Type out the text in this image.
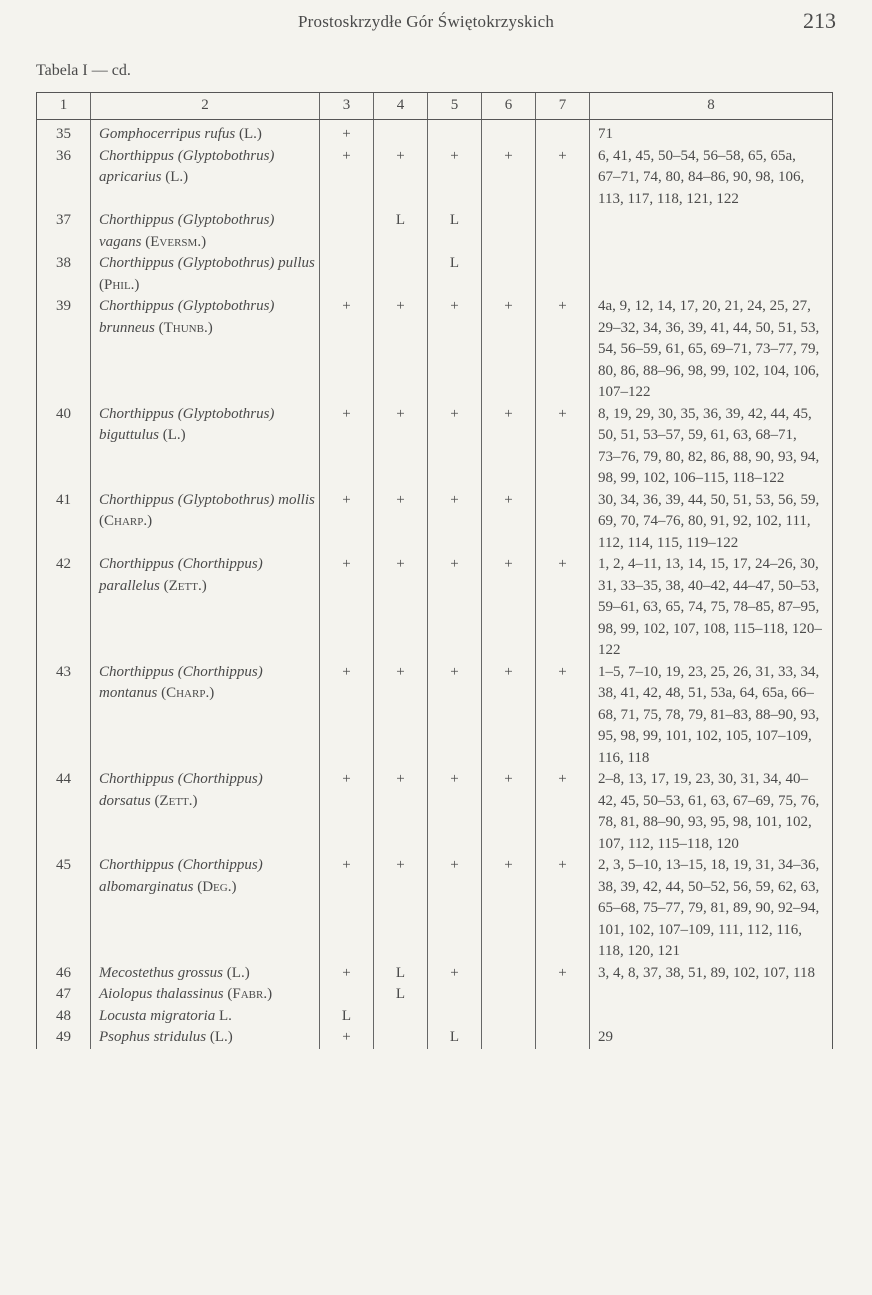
Prostoskrzydłe Gór Świętokrzyskich	213
Tabela I — cd.
1	2	3	4	5	6	7	8
35	Gomphocerripus rufus (L.)	+					71
36	Chorthippus (Glyptobothrus) apricarius (L.)	+	+	+	+	+	6, 41, 45, 50–54, 56–58, 65, 65a, 67–71, 74, 80, 84–86, 90, 98, 106, 113, 117, 118, 121, 122
37	Chorthippus (Glyptobothrus) vagans (Eversm.)		L	L			
38	Chorthippus (Glyptobothrus) pullus (Phil.)			L			
39	Chorthippus (Glyptobothrus) brunneus (Thunb.)	+	+	+	+	+	4a, 9, 12, 14, 17, 20, 21, 24, 25, 27, 29–32, 34, 36, 39, 41, 44, 50, 51, 53, 54, 56–59, 61, 65, 69–71, 73–77, 79, 80, 86, 88–96, 98, 99, 102, 104, 106, 107–122
40	Chorthippus (Glyptobothrus) biguttulus (L.)	+	+	+	+	+	8, 19, 29, 30, 35, 36, 39, 42, 44, 45, 50, 51, 53–57, 59, 61, 63, 68–71, 73–76, 79, 80, 82, 86, 88, 90, 93, 94, 98, 99, 102, 106–115, 118–122
41	Chorthippus (Glyptobothrus) mollis (Charp.)	+	+	+	+		30, 34, 36, 39, 44, 50, 51, 53, 56, 59, 69, 70, 74–76, 80, 91, 92, 102, 111, 112, 114, 115, 119–122
42	Chorthippus (Chorthippus) parallelus (Zett.)	+	+	+	+	+	1, 2, 4–11, 13, 14, 15, 17, 24–26, 30, 31, 33–35, 38, 40–42, 44–47, 50–53, 59–61, 63, 65, 74, 75, 78–85, 87–95, 98, 99, 102, 107, 108, 115–118, 120–122
43	Chorthippus (Chorthippus) montanus (Charp.)	+	+	+	+	+	1–5, 7–10, 19, 23, 25, 26, 31, 33, 34, 38, 41, 42, 48, 51, 53a, 64, 65a, 66–68, 71, 75, 78, 79, 81–83, 88–90, 93, 95, 98, 99, 101, 102, 105, 107–109, 116, 118
44	Chorthippus (Chorthippus) dorsatus (Zett.)	+	+	+	+	+	2–8, 13, 17, 19, 23, 30, 31, 34, 40–42, 45, 50–53, 61, 63, 67–69, 75, 76, 78, 81, 88–90, 93, 95, 98, 101, 102, 107, 112, 115–118, 120
45	Chorthippus (Chorthippus) albomarginatus (Deg.)	+	+	+	+	+	2, 3, 5–10, 13–15, 18, 19, 31, 34–36, 38, 39, 42, 44, 50–52, 56, 59, 62, 63, 65–68, 75–77, 79, 81, 89, 90, 92–94, 101, 102, 107–109, 111, 112, 116, 118, 120, 121
46	Mecostethus grossus (L.)	+	L	+		+	3, 4, 8, 37, 38, 51, 89, 102, 107, 118
47	Aiolopus thalassinus (Fabr.)		L				
48	Locusta migratoria L.	L					
49	Psophus stridulus (L.)	+		L			29
